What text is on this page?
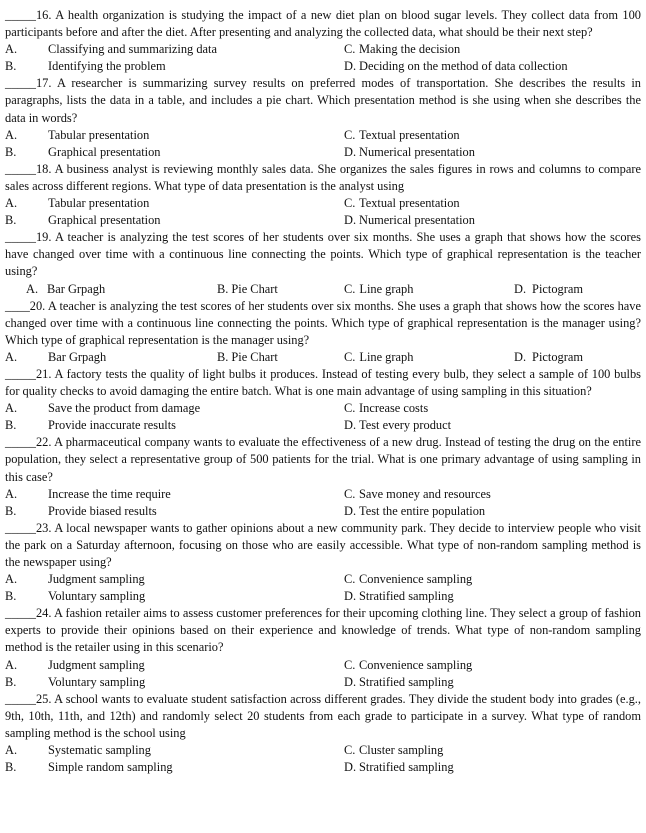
_____16. A health organization is studying the impact of a new diet plan on blood sugar levels. They collect data from 100 participants before and after the diet. After presenting and analyzing the collected data, what should be their next step?

A. Classifying and summarizing data	C. Making the decision
B.	Identifying the problem	D. Deciding on the method of data collection

_____17. A researcher is summarizing survey results on preferred modes of transportation. She describes the results in paragraphs, lists the data in a table, and includes a pie chart. Which presentation method is she using when she describes the data in words?

A. Tabular presentation	C. Textual presentation
B.	Graphical presentation	D. Numerical presentation

_____18. A business analyst is reviewing monthly sales data. She organizes the sales figures in rows and columns to compare sales across different regions. What type of data presentation is the analyst using

A. Tabular presentation	C. Textual presentation
B.	Graphical presentation	D. Numerical presentation

_____19. A teacher is analyzing the test scores of her students over six months. She uses a graph that shows how the scores have changed over time with a continuous line connecting the points. Which type of graphical representation is the teacher using?

A. Bar Grpagh	B. Pie Chart	C. Line graph	D. Pictogram

____20. A teacher is analyzing the test scores of her students over six months. She uses a graph that shows how the scores have changed over time with a continuous line connecting the points. Which type of graphical representation is the manager using? Which type of graphical representation is the manager using?

A. Bar Grpagh	B. Pie Chart	C. Line graph	D. Pictogram

_____21. A factory tests the quality of light bulbs it produces. Instead of testing every bulb, they select a sample of 100 bulbs for quality checks to avoid damaging the entire batch. What is one main advantage of using sampling in this situation?

A. Save the product from damage	C. Increase costs
B.	Provide inaccurate results	D. Test every product

_____22. A pharmaceutical company wants to evaluate the effectiveness of a new drug. Instead of testing the drug on the entire population, they select a representative group of 500 patients for the trial. What is one primary advantage of using sampling in this case?

A. Increase the time require	C. Save money and resources
B.	Provide biased results	D. Test the entire population

_____23. A local newspaper wants to gather opinions about a new community park. They decide to interview people who visit the park on a Saturday afternoon, focusing on those who are easily accessible. What type of non-random sampling method is the newspaper using?

A. Judgment sampling	C. Convenience sampling
B.	Voluntary sampling	D. Stratified sampling

_____24. A fashion retailer aims to assess customer preferences for their upcoming clothing line. They select a group of fashion experts to provide their opinions based on their experience and knowledge of trends. What type of non-random sampling method is the retailer using in this scenario?

A. Judgment sampling	C. Convenience sampling
B.	Voluntary sampling	D. Stratified sampling

_____25. A school wants to evaluate student satisfaction across different grades. They divide the student body into grades (e.g., 9th, 10th, 11th, and 12th) and randomly select 20 students from each grade to participate in a survey. What type of random sampling method is the school using

A. Systematic sampling	C. Cluster sampling
B.	Simple random sampling	D. Stratified sampling
